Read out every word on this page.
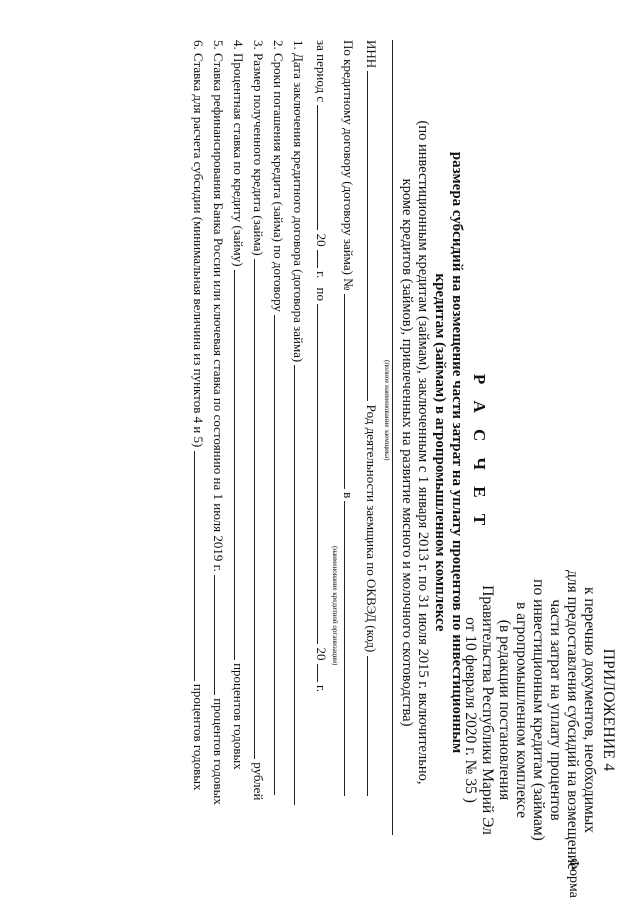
ПРИЛОЖЕНИЕ 4
к перечню документов, необходимых
для предоставления субсидий на возмещение
части затрат на уплату процентов
по инвестиционным кредитам (займам)
в агропромышленном комплексе
(в редакции постановления
Правительства Республики Марий Эл
от 10 февраля 2020 г. № 35 )
Форма
Р А С Ч Е Т
размера субсидий на возмещение части затрат на уплату процентов по инвестиционным
кредитам (займам) в агропромышленном комплексе
(по инвестиционным кредитам (займам), заключенным с 1 января 2013 г. по 31 июля 2015 г. включительно,
кроме кредитов (займов), привлеченных на развитие мясного и молочного скотоводства)
(полное наименование заемщика)
ИНН  Род деятельности заемщика по ОКВЭД (код)
По кредитному договору (договору займа) №  в
(наименование кредитной организации)
за период с  20  г. по  20  г.
1. Дата заключения кредитного договора (договора займа)
2. Сроки погашения кредита (займа) по договору
3. Размер полученного кредита (займа)  рублей
4. Процентная ставка по кредиту (займу)  процентов годовых
5. Ставка рефинансирования Банка России или ключевая ставка по состоянию на 1 июля 2019 г.  процентов годовых
6. Ставка для расчета субсидии (минимальная величина из пунктов 4 и 5)  процентов годовых
